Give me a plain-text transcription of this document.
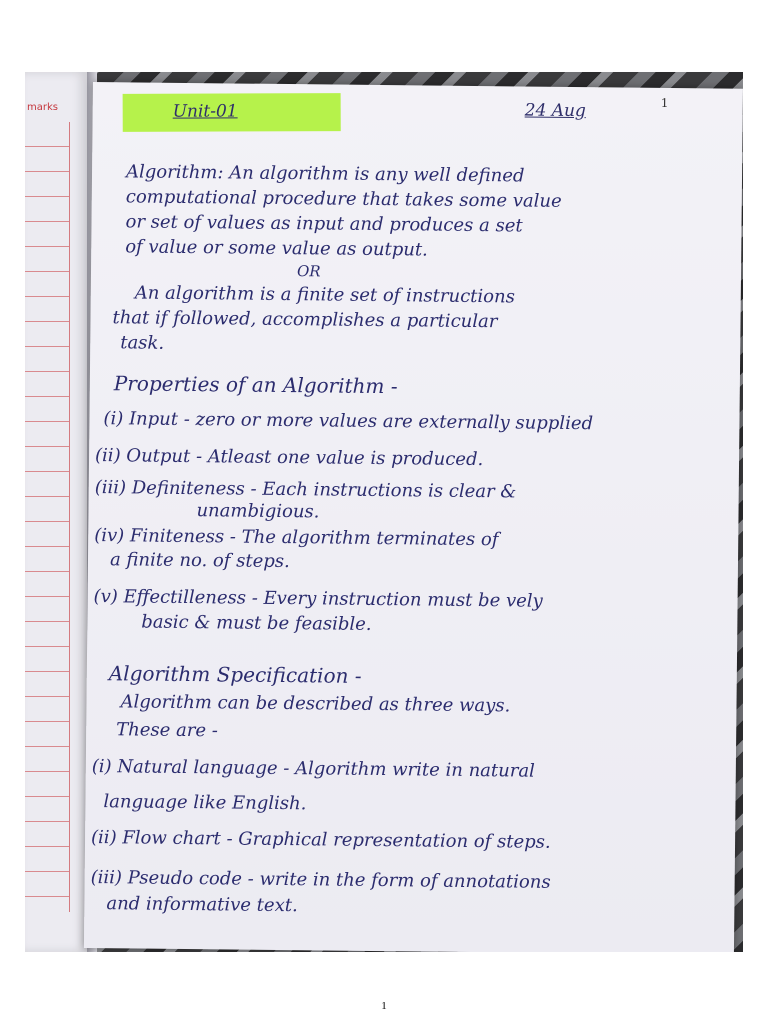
marks	Unit-01	24 Aug	1

Algorithm: An algorithm is any well defined

computational procedure that takes some value

or set of values as input and produces a set

of value or some value as output.

OR

An algorithm is a finite set of instructions

that if followed, accomplishes a particular

task.

Properties of an Algorithm -

(i) Input - zero or more values are externally supplied

(ii) Output - Atleast one value is produced.

(iii) Definiteness - Each instructions is clear &

unambigious.

(iv) Finiteness - The algorithm terminates of

a finite no. of steps.

(v) Effectilleness - Every instruction must be vely

basic & must be feasible.

Algorithm Specification -

Algorithm can be described as three ways.

These are -

(i) Natural language - Algorithm write in natural

language like English.

(ii) Flow chart - Graphical representation of steps.

(iii) Pseudo code - write in the form of annotations

and informative text.

1
